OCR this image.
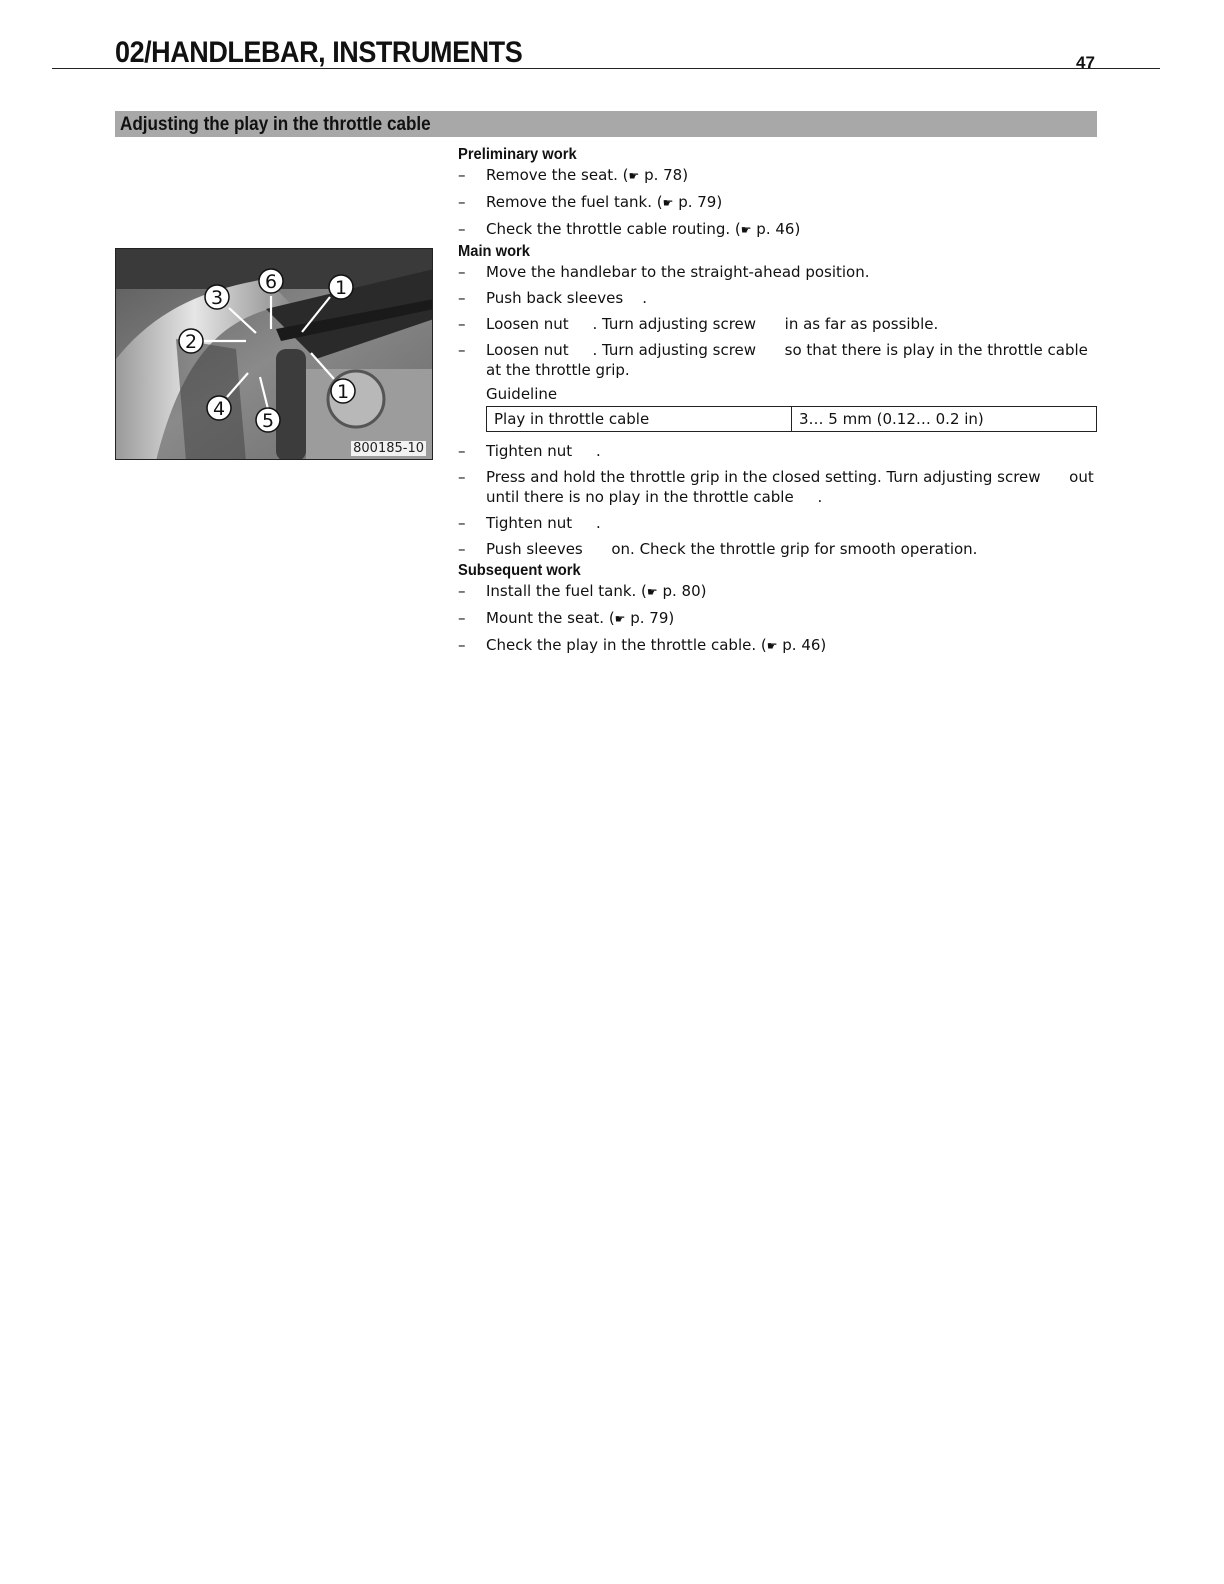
02/HANDLEBAR, INSTRUMENTS	47
Adjusting the play in the throttle cable
3
6	1
2
1
4
5
800185-10
Preliminary work
– Remove the seat. (☛ p. 78)
– Remove the fuel tank. (☛ p. 79)
– Check the throttle cable routing. (☛ p. 46)
Main work
– Move the handlebar to the straight-ahead position.
– Push back sleeves    .
– Loosen nut     . Turn adjusting screw      in as far as possible.
– Loosen nut     . Turn adjusting screw      so that there is play in the throttle cable at the throttle grip.
Guideline
Play in throttle cable	3… 5 mm (0.12… 0.2 in)
– Tighten nut     .
– Press and hold the throttle grip in the closed setting. Turn adjusting screw      out until there is no play in the throttle cable     .
– Tighten nut     .
– Push sleeves      on. Check the throttle grip for smooth operation.
Subsequent work
– Install the fuel tank. (☛ p. 80)
– Mount the seat. (☛ p. 79)
– Check the play in the throttle cable. (☛ p. 46)
